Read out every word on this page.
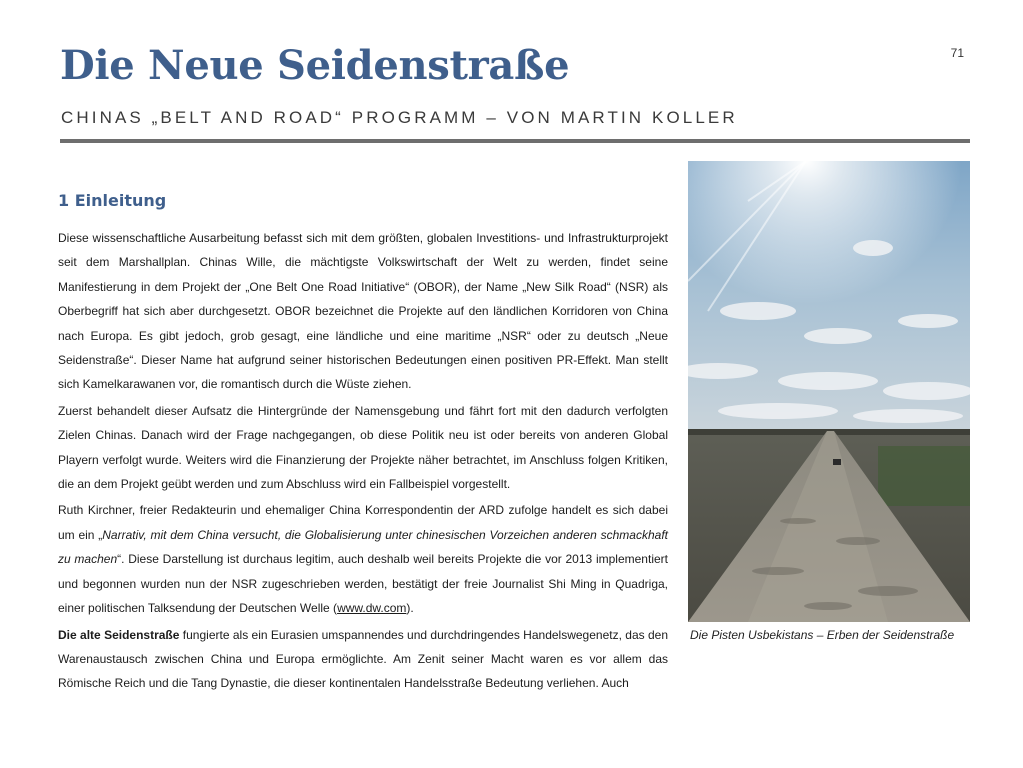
Die Neue Seidenstraße	71
CHINAS „BELT AND ROAD“ PROGRAMM – VON MARTIN KOLLER
1 Einleitung

Diese wissenschaftliche Ausarbeitung befasst sich mit dem größten, globalen Investitions- und Infrastrukturprojekt seit dem Marshallplan. Chinas Wille, die mächtigste Volkswirtschaft der Welt zu werden, findet seine Manifestierung in dem Projekt der „One Belt One Road Initiative“ (OBOR), der Name „New Silk Road“ (NSR) als Oberbegriff hat sich aber durchgesetzt. OBOR bezeichnet die Projekte auf den ländlichen Korridoren von China nach Europa. Es gibt jedoch, grob gesagt, eine ländliche und eine maritime „NSR“ oder zu deutsch „Neue Seidenstraße“. Dieser Name hat aufgrund seiner historischen Bedeutungen einen positiven PR-Effekt. Man stellt sich Kamelkarawanen vor, die romantisch durch die Wüste ziehen.

Zuerst behandelt dieser Aufsatz die Hintergründe der Namensgebung und fährt fort mit den dadurch verfolgten Zielen Chinas. Danach wird der Frage nachgegangen, ob diese Politik neu ist oder bereits von anderen Global Playern verfolgt wurde. Weiters wird die Finanzierung der Projekte näher betrachtet, im Anschluss folgen Kritiken, die an dem Projekt geübt werden und zum Abschluss wird ein Fallbeispiel vorgestellt.

Ruth Kirchner, freier Redakteurin und ehemaliger China Korrespondentin der ARD zufolge handelt es sich dabei um ein „Narrativ, mit dem China versucht, die Globalisierung unter chinesischen Vorzeichen anderen schmackhaft zu machen“. Diese Darstellung ist durchaus legitim, auch deshalb weil bereits Projekte die vor 2013 implementiert und begonnen wurden nun der NSR zugeschrieben werden, bestätigt der freie Journalist Shi Ming in Quadriga, einer politischen Talksendung der Deutschen Welle (www.dw.com).

Die alte Seidenstraße fungierte als ein Eurasien umspannendes und durchdringendes Handelswegenetz, das den Warenaustausch zwischen China und Europa ermöglichte. Am Zenit seiner Macht waren es vor allem das Römische Reich und die Tang Dynastie, die dieser kontinentalen Handelsstraße Bedeutung verliehen. Auch

Die Pisten Usbekistans – Erben der Seidenstraße
